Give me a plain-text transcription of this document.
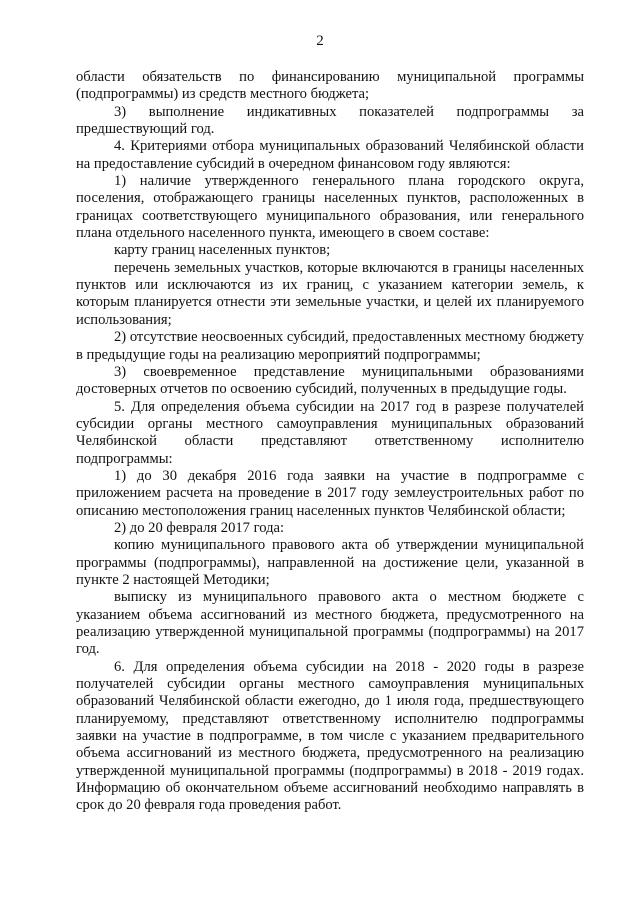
2

области обязательств по финансированию муниципальной программы (подпрограммы) из средств местного бюджета;

3) выполнение индикативных показателей подпрограммы за предшествующий год.

4. Критериями отбора муниципальных образований Челябинской области на предоставление субсидий в очередном финансовом году являются:

1) наличие утвержденного генерального плана городского округа, поселения, отображающего границы населенных пунктов, расположенных в границах соответствующего муниципального образования, или генерального плана отдельного населенного пункта, имеющего в своем составе:

карту границ населенных пунктов;

перечень земельных участков, которые включаются в границы населенных пунктов или исключаются из их границ, с указанием категории земель, к которым планируется отнести эти земельные участки, и целей их планируемого использования;

2) отсутствие неосвоенных субсидий, предоставленных местному бюджету в предыдущие годы на реализацию мероприятий подпрограммы;

3) своевременное представление муниципальными образованиями достоверных отчетов по освоению субсидий, полученных в предыдущие годы.

5. Для определения объема субсидии на 2017 год в разрезе получателей субсидии органы местного самоуправления муниципальных образований Челябинской области представляют ответственному исполнителю подпрограммы:

1) до 30 декабря 2016 года заявки на участие в подпрограмме с приложением расчета на проведение в 2017 году землеустроительных работ по описанию местоположения границ населенных пунктов Челябинской области;

2) до 20 февраля 2017 года:

копию муниципального правового акта об утверждении муниципальной программы (подпрограммы), направленной на достижение цели, указанной в пункте 2 настоящей Методики;

выписку из муниципального правового акта о местном бюджете с указанием объема ассигнований из местного бюджета, предусмотренного на реализацию утвержденной муниципальной программы (подпрограммы) на 2017 год.

6. Для определения объема субсидии на 2018 - 2020 годы в разрезе получателей субсидии органы местного самоуправления муниципальных образований Челябинской области ежегодно, до 1 июля года, предшествующего планируемому, представляют ответственному исполнителю подпрограммы заявки на участие в подпрограмме, в том числе с указанием предварительного объема ассигнований из местного бюджета, предусмотренного на реализацию утвержденной муниципальной программы (подпрограммы) в 2018 - 2019 годах. Информацию об окончательном объеме ассигнований необходимо направлять в срок до 20 февраля года проведения работ.
